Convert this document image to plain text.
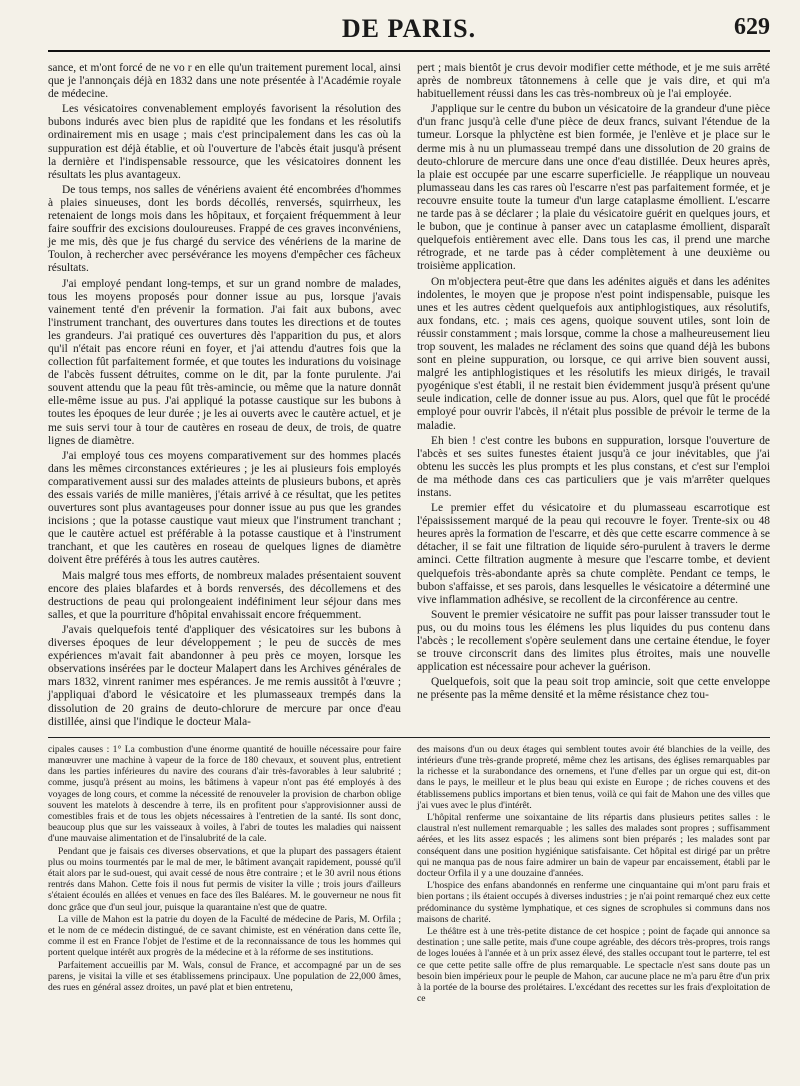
DE PARIS.	629

sance, et m'ont forcé de ne vo r en elle qu'un traitement purement local, ainsi que je l'annonçais déjà en 1832 dans une note présentée à l'Académie royale de médecine.

Les vésicatoires convenablement employés favorisent la résolution des bubons indurés avec bien plus de rapidité que les fondans et les résolutifs ordinairement mis en usage ; mais c'est principalement dans les cas où la suppuration est déjà établie, et où l'ouverture de l'abcès était jusqu'à présent la dernière et l'indispensable ressource, que les vésicatoires donnent les résultats les plus avantageux.

De tous temps, nos salles de vénériens avaient été encombrées d'hommes à plaies sinueuses, dont les bords décollés, renversés, squirrheux, les retenaient de longs mois dans les hôpitaux, et forçaient fréquemment à leur faire souffrir des excisions douloureuses. Frappé de ces graves inconvéniens, je me mis, dès que je fus chargé du service des vénériens de la marine de Toulon, à rechercher avec persévérance les moyens d'empêcher ces fâcheux résultats.

J'ai employé pendant long-temps, et sur un grand nombre de malades, tous les moyens proposés pour donner issue au pus, lorsque j'avais vainement tenté d'en prévenir la formation. J'ai fait aux bubons, avec l'instrument tranchant, des ouvertures dans toutes les directions et de toutes les grandeurs. J'ai pratiqué ces ouvertures dès l'apparition du pus, et alors qu'il n'était pas encore réuni en foyer, et j'ai attendu d'autres fois que la collection fût parfaitement formée, et que toutes les indurations du voisinage de l'abcès fussent détruites, comme on le dit, par la fonte purulente. J'ai souvent attendu que la peau fût très-amincie, ou même que la nature donnât elle-même issue au pus. J'ai appliqué la potasse caustique sur les bubons à toutes les époques de leur durée ; je les ai ouverts avec le cautère actuel, et je me suis servi tour à tour de cautères en roseau de deux, de trois, de quatre lignes de diamètre.

J'ai employé tous ces moyens comparativement sur des hommes placés dans les mêmes circonstances extérieures ; je les ai plusieurs fois employés comparativement aussi sur des malades atteints de plusieurs bubons, et après des essais variés de mille manières, j'étais arrivé à ce résultat, que les petites ouvertures sont plus avantageuses pour donner issue au pus que les grandes incisions ; que la potasse caustique vaut mieux que l'instrument tranchant ; que le cautère actuel est préférable à la potasse caustique et à l'instrument tranchant, et que les cautères en roseau de quelques lignes de diamètre doivent être préférés à tous les autres cautères.

Mais malgré tous mes efforts, de nombreux malades présentaient souvent encore des plaies blafardes et à bords renversés, des décollemens et des destructions de peau qui prolongeaient indéfiniment leur séjour dans mes salles, et que la pourriture d'hôpital envahissait encore fréquemment.

J'avais quelquefois tenté d'appliquer des vésicatoires sur les bubons à diverses époques de leur développement ; le peu de succès de mes expériences m'avait fait abandonner à peu près ce moyen, lorsque les observations insérées par le docteur Malapert dans les Archives générales de mars 1832, vinrent ranimer mes espérances. Je me remis aussitôt à l'œuvre ; j'appliquai d'abord le vésicatoire et les plumasseaux trempés dans la dissolution de 20 grains de deuto-chlorure de mercure par once d'eau distillée, ainsi que l'indique le docteur Mala-

pert ; mais bientôt je crus devoir modifier cette méthode, et je me suis arrêté après de nombreux tâtonnemens à celle que je vais dire, et qui m'a habituellement réussi dans les cas très-nombreux où je l'ai employée.

J'applique sur le centre du bubon un vésicatoire de la grandeur d'une pièce d'un franc jusqu'à celle d'une pièce de deux francs, suivant l'étendue de la tumeur. Lorsque la phlyctène est bien formée, je l'enlève et je place sur le derme mis à nu un plumasseau trempé dans une dissolution de 20 grains de deuto-chlorure de mercure dans une once d'eau distillée. Deux heures après, la plaie est occupée par une escarre superficielle. Je réapplique un nouveau plumasseau dans les cas rares où l'escarre n'est pas parfaitement formée, et je recouvre ensuite toute la tumeur d'un large cataplasme émollient. L'escarre ne tarde pas à se déclarer ; la plaie du vésicatoire guérit en quelques jours, et le bubon, que je continue à panser avec un cataplasme émollient, disparaît quelquefois entièrement avec elle. Dans tous les cas, il prend une marche rétrograde, et ne tarde pas à céder complètement à une deuxième ou troisième application.

On m'objectera peut-être que dans les adénites aiguës et dans les adénites indolentes, le moyen que je propose n'est point indispensable, puisque les unes et les autres cèdent quelquefois aux antiphlogistiques, aux résolutifs, aux fondans, etc. ; mais ces agens, quoique souvent utiles, sont loin de réussir constamment ; mais lorsque, comme la chose a malheureusement lieu trop souvent, les malades ne réclament des soins que quand déjà les bubons sont en pleine suppuration, ou lorsque, ce qui arrive bien souvent aussi, malgré les antiphlogistiques et les résolutifs les mieux dirigés, le travail pyogénique s'est établi, il ne restait bien évidemment jusqu'à présent qu'une seule indication, celle de donner issue au pus. Alors, quel que fût le procédé employé pour ouvrir l'abcès, il n'était plus possible de prévoir le terme de la maladie.

Eh bien ! c'est contre les bubons en suppuration, lorsque l'ouverture de l'abcès et ses suites funestes étaient jusqu'à ce jour inévitables, que j'ai obtenu les succès les plus prompts et les plus constans, et c'est sur l'emploi de ma méthode dans ces cas particuliers que je vais m'arrêter quelques instans.

Le premier effet du vésicatoire et du plumasseau escarrotique est l'épaississement marqué de la peau qui recouvre le foyer. Trente-six ou 48 heures après la formation de l'escarre, et dès que cette escarre commence à se détacher, il se fait une filtration de liquide séro-purulent à travers le derme aminci. Cette filtration augmente à mesure que l'escarre tombe, et devient quelquefois très-abondante après sa chute complète. Pendant ce temps, le bubon s'affaisse, et ses parois, dans lesquelles le vésicatoire a déterminé une vive inflammation adhésive, se recollent de la circonférence au centre.

Souvent le premier vésicatoire ne suffit pas pour laisser transsuder tout le pus, ou du moins tous les élémens les plus liquides du pus contenu dans l'abcès ; le recollement s'opère seulement dans une certaine étendue, le foyer se trouve circonscrit dans des limites plus étroites, mais une nouvelle application est nécessaire pour achever la guérison.

Quelquefois, soit que la peau soit trop amincie, soit que cette enveloppe ne présente pas la même densité et la même résistance chez tou-

cipales causes : 1° La combustion d'une énorme quantité de houille nécessaire pour faire manœuvrer une machine à vapeur de la force de 180 chevaux, et souvent plus, entretient dans les parties inférieures du navire des courans d'air très-favorables à leur salubrité ; comme, jusqu'à présent au moins, les bâtimens à vapeur n'ont pas été employés à des voyages de long cours, et comme la nécessité de renouveler la provision de charbon oblige souvent les matelots à descendre à terre, ils en profitent pour s'approvisionner aussi de comestibles frais et de tous les objets nécessaires à l'entretien de la santé. Ils sont donc, beaucoup plus que sur les vaisseaux à voiles, à l'abri de toutes les maladies qui naissent d'une mauvaise alimentation et de l'insalubrité de la cale.

Pendant que je faisais ces diverses observations, et que la plupart des passagers étaient plus ou moins tourmentés par le mal de mer, le bâtiment avançait rapidement, poussé qu'il était alors par le sud-ouest, qui avait cessé de nous être contraire ; et le 30 avril nous étions rentrés dans Mahon. Cette fois il nous fut permis de visiter la ville ; trois jours d'ailleurs s'étaient écoulés en allées et venues en face des îles Baléares. M. le gouverneur ne nous fit donc grâce que d'un seul jour, puisque la quarantaine n'est que de quatre.

La ville de Mahon est la patrie du doyen de la Faculté de médecine de Paris, M. Orfila ; et le nom de ce médecin distingué, de ce savant chimiste, est en vénération dans cette île, comme il est en France l'objet de l'estime et de la reconnaissance de tous les hommes qui portent quelque intérêt aux progrès de la médecine et à la réforme de ses institutions.

Parfaitement accueillis par M. Wals, consul de France, et accompagné par un de ses parens, je visitai la ville et ses établissemens principaux. Une population de 22,000 âmes, des rues en général assez droites, un pavé plat et bien entretenu,

des maisons d'un ou deux étages qui semblent toutes avoir été blanchies de la veille, des intérieurs d'une très-grande propreté, même chez les artisans, des églises remarquables par la richesse et la surabondance des ornemens, et l'une d'elles par un orgue qui est, dit-on dans le pays, le meilleur et le plus beau qui existe en Europe ; de riches couvens et des établissemens publics importans et bien tenus, voilà ce qui fait de Mahon une des villes que j'ai vues avec le plus d'intérêt.

L'hôpital renferme une soixantaine de lits répartis dans plusieurs petites salles : le claustral n'est nullement remarquable ; les salles des malades sont propres ; suffisamment aérées, et les lits assez espacés ; les alimens sont bien préparés ; les malades sont par conséquent dans une position hygiénique satisfaisante. Cet hôpital est dirigé par un prêtre qui ne manqua pas de nous faire admirer un bain de vapeur par encaissement, établi par le docteur Orfila il y a une douzaine d'années.

L'hospice des enfans abandonnés en renferme une cinquantaine qui m'ont paru frais et bien portans ; ils étaient occupés à diverses industries ; je n'ai point remarqué chez eux cette prédominance du système lymphatique, et ces signes de scrophules si communs dans nos maisons de charité.

Le théâtre est à une très-petite distance de cet hospice ; point de façade qui annonce sa destination ; une salle petite, mais d'une coupe agréable, des décors très-propres, trois rangs de loges louées à l'année et à un prix assez élevé, des stalles occupant tout le parterre, tel est ce que cette petite salle offre de plus remarquable. Le spectacle n'est sans doute pas un besoin bien impérieux pour le peuple de Mahon, car aucune place ne m'a paru être d'un prix à la portée de la bourse des prolétaires. L'excédant des recettes sur les frais d'exploitation de ce
